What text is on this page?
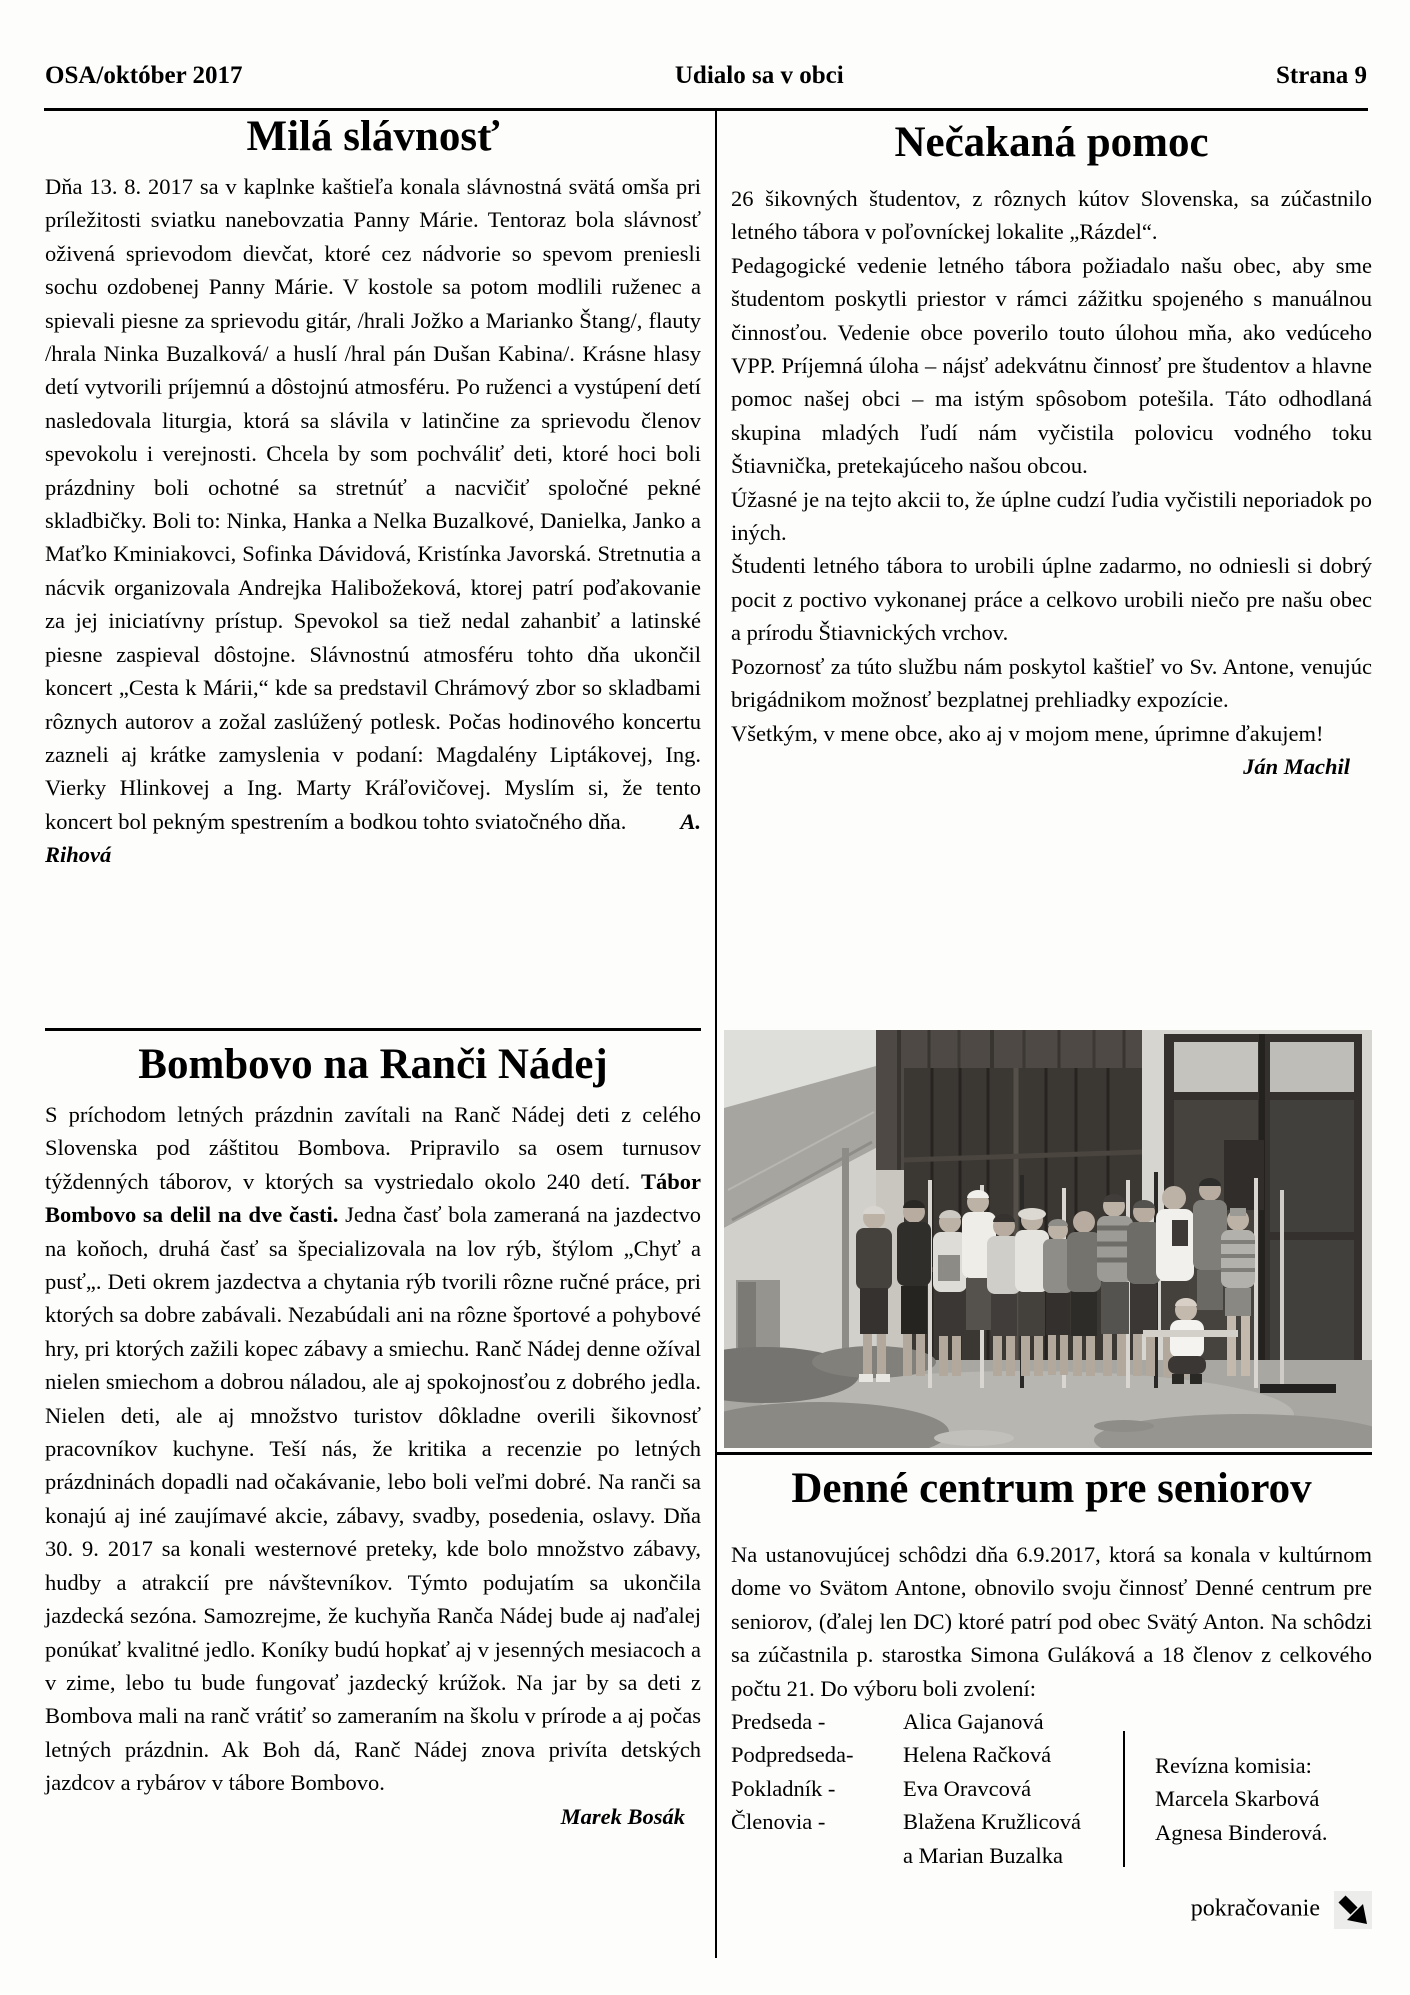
OSA/október 2017	Udialo sa v obci	Strana 9
Milá slávnosť

Dňa 13. 8. 2017 sa v kaplnke kaštieľa konala slávnostná svätá omša pri príležitosti sviatku nanebovzatia Panny Márie. Tentoraz bola slávnosť oživená sprievodom dievčat, ktoré cez nádvorie so spevom preniesli sochu ozdobenej Panny Márie. V kostole sa potom modlili ruženec a spievali piesne za sprievodu gitár, /hrali Jožko a Marianko Štang/, flauty /hrala Ninka Buzalková/ a huslí /hral pán Dušan Kabina/. Krásne hlasy detí vytvorili príjemnú a dôstojnú atmosféru. Po ruženci a vystúpení detí nasledovala liturgia, ktorá sa slávila v latinčine za sprievodu členov spevokolu i verejnosti. Chcela by som pochváliť deti, ktoré hoci boli prázdniny boli ochotné sa stretnúť a nacvičiť spoločné pekné skladbičky. Boli to: Ninka, Hanka a Nelka Buzalkové, Danielka, Janko a Maťko Kminiakovci, Sofinka Dávidová, Kristínka Javorská. Stretnutia a nácvik organizovala Andrejka Halibožeková, ktorej patrí poďakovanie za jej iniciatívny prístup. Spevokol sa tiež nedal zahanbiť a latinské piesne zaspieval dôstojne. Slávnostnú atmosféru tohto dňa ukončil koncert „Cesta k Márii,“ kde sa predstavil Chrámový zbor so skladbami rôznych autorov a zožal zaslúžený potlesk. Počas hodinového koncertu zazneli aj krátke zamyslenia v podaní: Magdalény Liptákovej, Ing. Vierky Hlinkovej a Ing. Marty Kráľovičovej. Myslím si, že tento koncert bol pekným spestrením a bodkou tohto sviatočného dňa. A. Rihová

Bombovo na Ranči Nádej

S príchodom letných prázdnin zavítali na Ranč Nádej deti z celého Slovenska pod záštitou Bombova. Pripravilo sa osem turnusov týždenných táborov, v ktorých sa vystriedalo okolo 240 detí. Tábor Bombovo sa delil na dve časti. Jedna časť bola zameraná na jazdectvo na koňoch, druhá časť sa špecializovala na lov rýb, štýlom „Chyť a pusť„. Deti okrem jazdectva a chytania rýb tvorili rôzne ručné práce, pri ktorých sa dobre zabávali. Nezabúdali ani na rôzne športové a pohybové hry, pri ktorých zažili kopec zábavy a smiechu. Ranč Nádej denne ožíval nielen smiechom a dobrou náladou, ale aj spokojnosťou z dobrého jedla. Nielen deti, ale aj množstvo turistov dôkladne overili šikovnosť pracovníkov kuchyne. Teší nás, že kritika a recenzie po letných prázdninách dopadli nad očakávanie, lebo boli veľmi dobré. Na ranči sa konajú aj iné zaujímavé akcie, zábavy, svadby, posedenia, oslavy. Dňa 30. 9. 2017 sa konali westernové preteky, kde bolo množstvo zábavy, hudby a atrakcií pre návštevníkov. Týmto podujatím sa ukončila jazdecká sezóna. Samozrejme, že kuchyňa Ranča Nádej bude aj naďalej ponúkať kvalitné jedlo. Koníky budú hopkať aj v jesenných mesiacoch a v zime, lebo tu bude fungovať jazdecký krúžok. Na jar by sa deti z Bombova mali na ranč vrátiť so zameraním na školu v prírode a aj počas letných prázdnin. Ak Boh dá, Ranč Nádej znova privíta detských jazdcov a rybárov v tábore Bombovo.

Marek Bosák
Nečakaná pomoc

26 šikovných študentov, z rôznych kútov Slovenska, sa zúčastnilo letného tábora v poľovníckej lokalite „Rázdel“.

Pedagogické vedenie letného tábora požiadalo našu obec, aby sme študentom poskytli priestor v rámci zážitku spojeného s manuálnou činnosťou. Vedenie obce poverilo touto úlohou mňa, ako vedúceho VPP. Príjemná úloha – nájsť adekvátnu činnosť pre študentov a hlavne pomoc našej obci – ma istým spôsobom potešila. Táto odhodlaná skupina mladých ľudí nám vyčistila polovicu vodného toku Štiavnička, pretekajúceho našou obcou.

Úžasné je na tejto akcii to, že úplne cudzí ľudia vyčistili neporiadok po iných.

Študenti letného tábora to urobili úplne zadarmo, no odniesli si dobrý pocit z poctivo vykonanej práce a celkovo urobili niečo pre našu obec a prírodu Štiavnických vrchov.

Pozornosť za túto službu nám poskytol kaštieľ vo Sv. Antone, venujúc brigádnikom možnosť bezplatnej prehliadky expozície.

Všetkým, v mene obce, ako aj v mojom mene, úprimne ďakujem!

Ján Machil
Denné centrum pre seniorov

Na ustanovujúcej schôdzi dňa 6.9.2017, ktorá sa konala v kultúrnom dome vo Svätom Antone, obnovilo svoju činnosť Denné centrum pre seniorov, (ďalej len DC) ktoré patrí pod obec Svätý Anton. Na schôdzi sa zúčastnila p. starostka Simona Guláková a 18 členov z celkového počtu 21. Do výboru boli zvolení:

Predseda -	Alica Gajanová
Podpredseda-	Helena Račková
Pokladník -	Eva Oravcová
Členovia -	Blažena Kružlicová
a Marian Buzalka
Revízna komisia:
Marcela Skarbová
Agnesa Binderová.
pokračovanie
